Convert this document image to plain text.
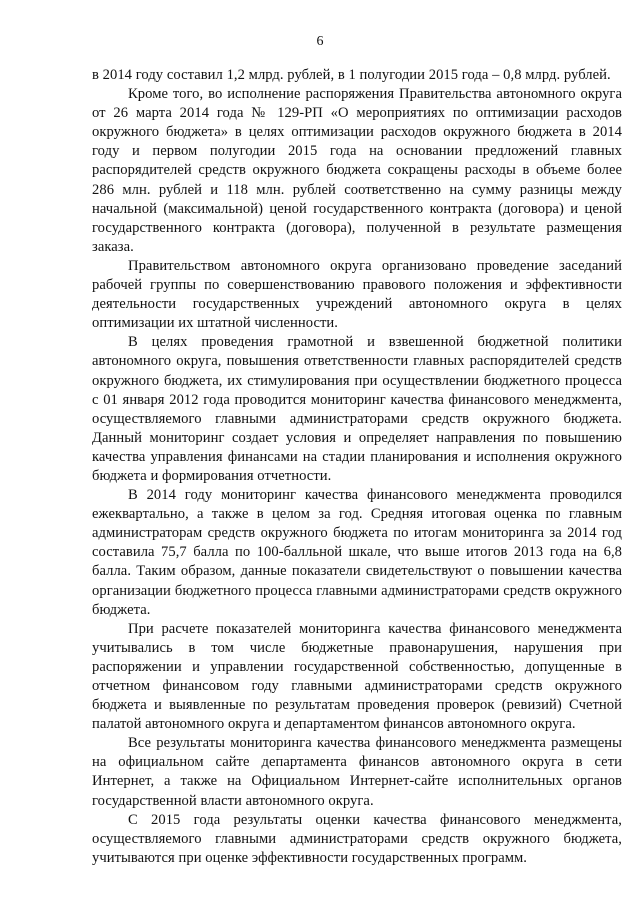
6

в 2014 году составил 1,2 млрд. рублей, в 1 полугодии 2015 года – 0,8 млрд. рублей.

Кроме того, во исполнение распоряжения Правительства автономного округа от 26 марта 2014 года № 129-РП «О мероприятиях по оптимизации расходов окружного бюджета» в целях оптимизации расходов окружного бюджета в 2014 году и первом полугодии 2015 года на основании предложений главных распорядителей средств окружного бюджета сокращены расходы в объеме более 286 млн. рублей и 118 млн. рублей соответственно на сумму разницы между начальной (максимальной) ценой государственного контракта (договора) и ценой государственного контракта (договора), полученной в результате размещения заказа.

Правительством автономного округа организовано проведение заседаний рабочей группы по совершенствованию правового положения и эффективности деятельности государственных учреждений автономного округа в целях оптимизации их штатной численности.

В целях проведения грамотной и взвешенной бюджетной политики автономного округа, повышения ответственности главных распорядителей средств окружного бюджета, их стимулирования при осуществлении бюджетного процесса с 01 января 2012 года проводится мониторинг качества финансового менеджмента, осуществляемого главными администраторами средств окружного бюджета. Данный мониторинг создает условия и определяет направления по повышению качества управления финансами на стадии планирования и исполнения окружного бюджета и формирования отчетности.

В 2014 году мониторинг качества финансового менеджмента проводился ежеквартально, а также в целом за год. Средняя итоговая оценка по главным администраторам средств окружного бюджета по итогам мониторинга за 2014 год составила 75,7 балла по 100-балльной шкале, что выше итогов 2013 года на 6,8 балла. Таким образом, данные показатели свидетельствуют о повышении качества организации бюджетного процесса главными администраторами средств окружного бюджета.

При расчете показателей мониторинга качества финансового менеджмента учитывались в том числе бюджетные правонарушения, нарушения при распоряжении и управлении государственной собственностью, допущенные в отчетном финансовом году главными администраторами средств окружного бюджета и выявленные по результатам проведения проверок (ревизий) Счетной палатой автономного округа и департаментом финансов автономного округа.

Все результаты мониторинга качества финансового менеджмента размещены на официальном сайте департамента финансов автономного округа в сети Интернет, а также на Официальном Интернет-сайте исполнительных органов государственной власти автономного округа.

С 2015 года результаты оценки качества финансового менеджмента, осуществляемого главными администраторами средств окружного бюджета, учитываются при оценке эффективности государственных программ.
